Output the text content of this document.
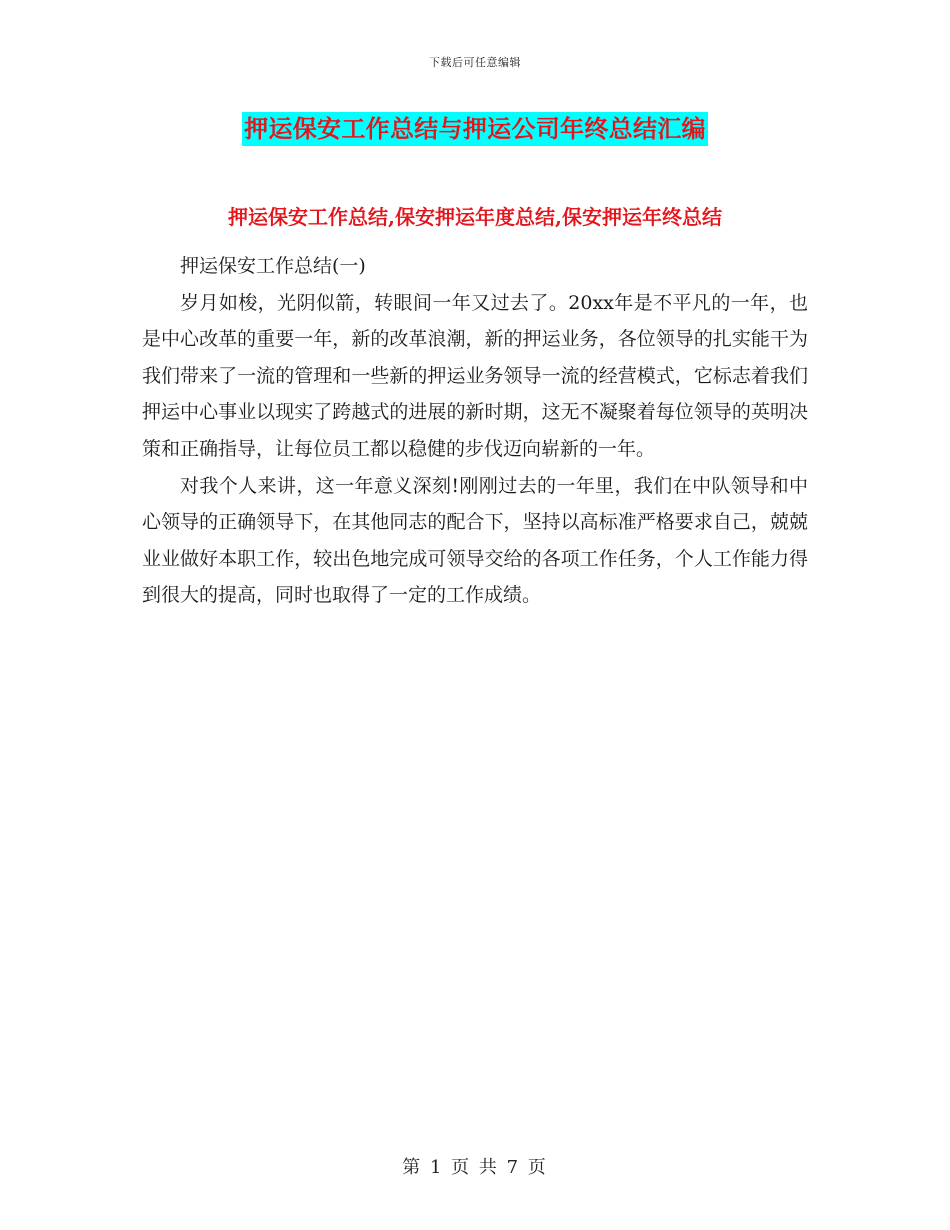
下载后可任意编辑
押运保安工作总结与押运公司年终总结汇编
押运保安工作总结,保安押运年度总结,保安押运年终总结

押运保安工作总结(一)

岁月如梭，光阴似箭，转眼间一年又过去了。20xx年是不平凡的一年，也是中心改革的重要一年，新的改革浪潮，新的押运业务，各位领导的扎实能干为我们带来了一流的管理和一些新的押运业务领导一流的经营模式，它标志着我们押运中心事业以现实了跨越式的进展的新时期，这无不凝聚着每位领导的英明决策和正确指导，让每位员工都以稳健的步伐迈向崭新的一年。

对我个人来讲，这一年意义深刻!刚刚过去的一年里，我们在中队领导和中心领导的正确领导下，在其他同志的配合下，坚持以高标准严格要求自己，兢兢业业做好本职工作，较出色地完成可领导交给的各项工作任务，个人工作能力得到很大的提高，同时也取得了一定的工作成绩。

第 1 页 共 7 页
